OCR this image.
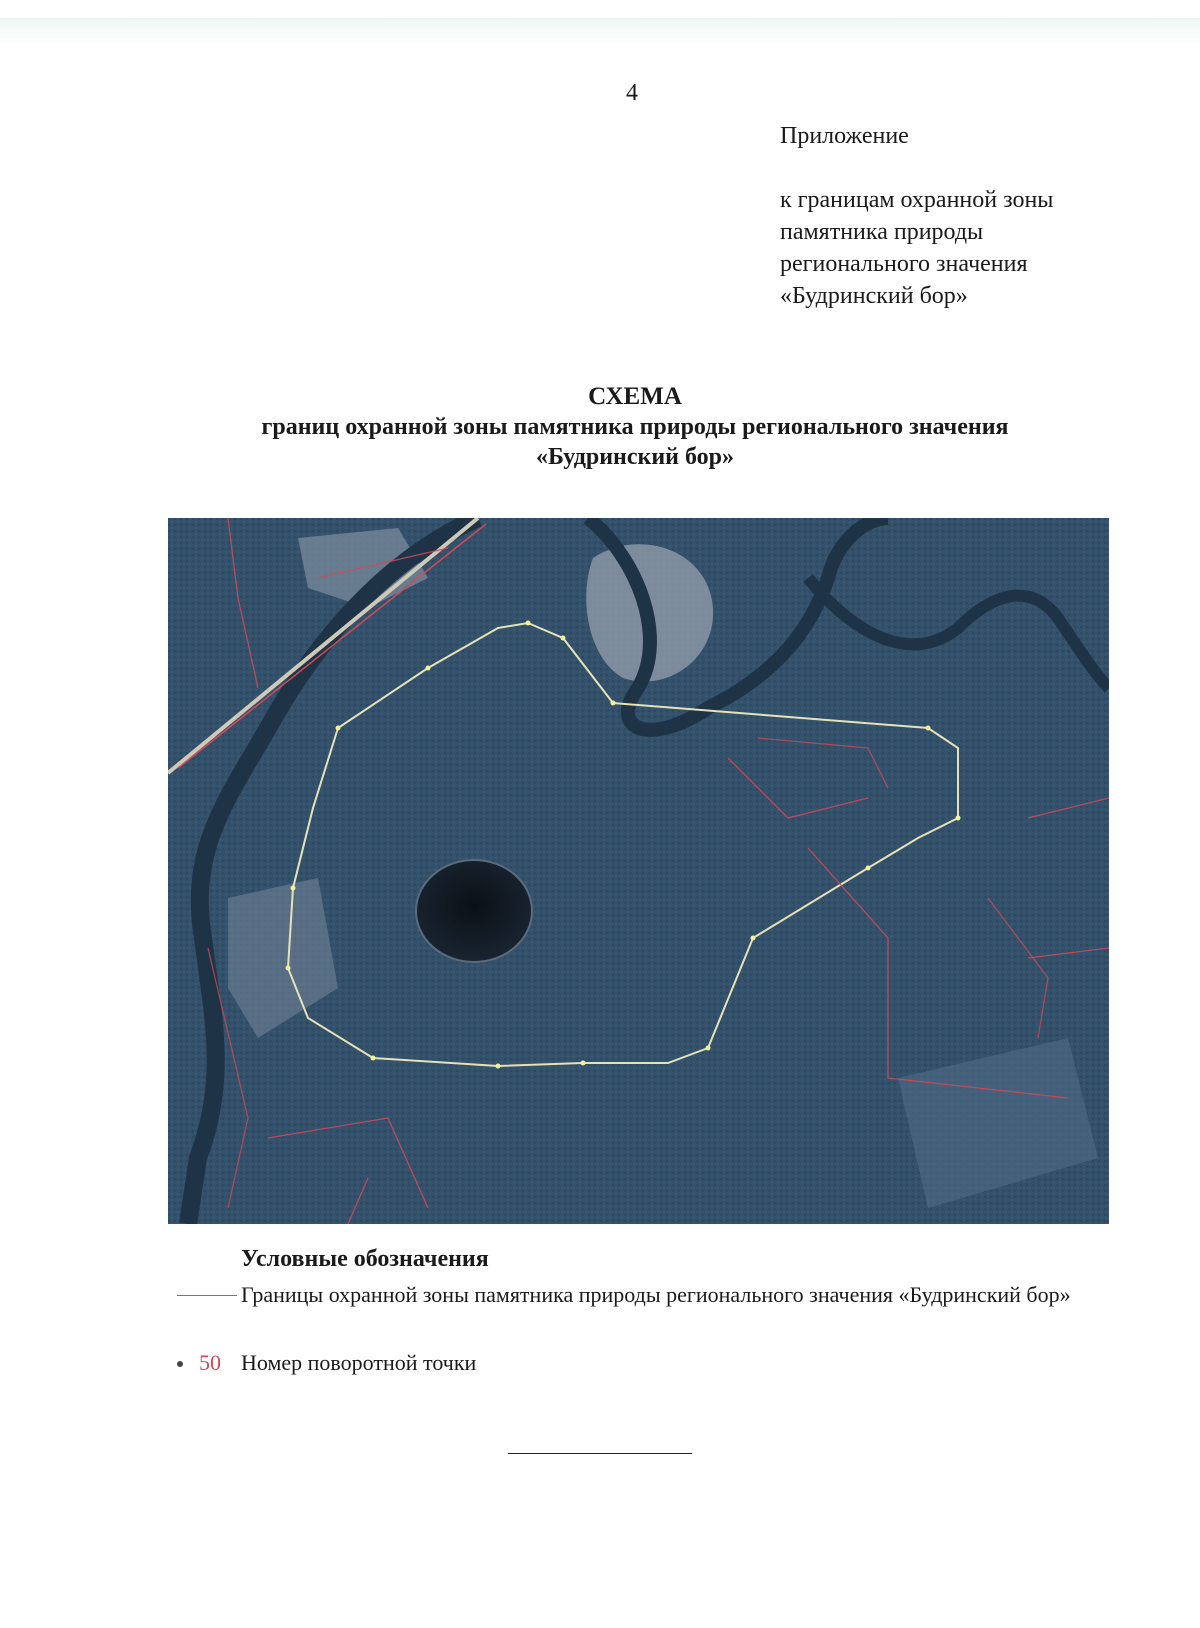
4
Приложение
к границам охранной зоны
памятника природы
регионального значения
«Будринский бор»
СХЕМА
границ охранной зоны памятника природы регионального значения
«Будринский бор»
Условные обозначения
Границы охранной зоны памятника природы регионального значения «Будринский бор»
50 Номер поворотной точки
